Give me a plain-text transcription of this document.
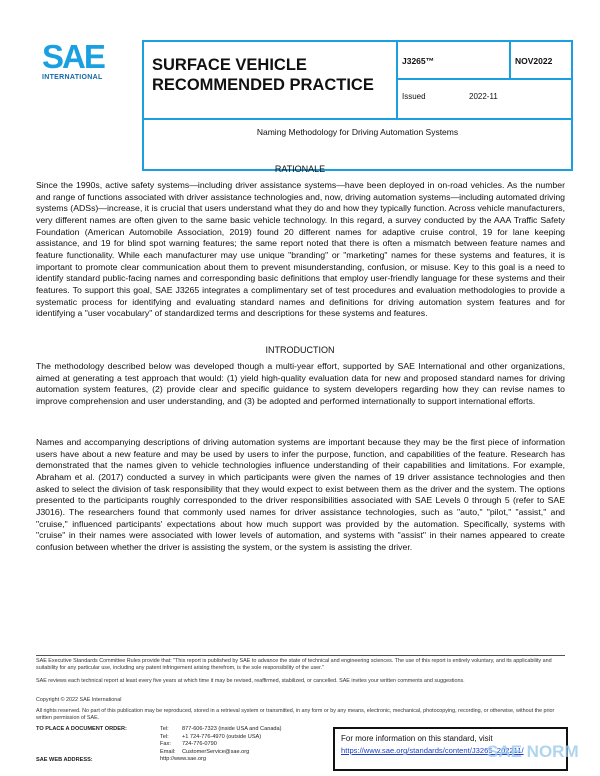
SAE
INTERNATIONAL
SURFACE VEHICLE
RECOMMENDED PRACTICE
J3265™	NOV2022
Issued	2022-11
Naming Methodology for Driving Automation Systems
RATIONALE
Since the 1990s, active safety systems—including driver assistance systems—have been deployed in on-road vehicles. As the number and range of functions associated with driver assistance technologies and, now, driving automation systems—including automated driving systems (ADSs)—increase, it is crucial that users understand what they do and how they typically function. Across vehicle manufacturers, very different names are often given to the same basic vehicle technology. In this regard, a survey conducted by the AAA Traffic Safety Foundation (American Automobile Association, 2019) found 20 different names for adaptive cruise control, 19 for lane keeping assistance, and 19 for blind spot warning features; the same report noted that there is often a mismatch between feature names and feature functionality. While each manufacturer may use unique "branding" or "marketing" names for these systems and features, it is important to promote clear communication about them to prevent misunderstanding, confusion, or misuse. Key to this goal is a need to identify standard public-facing names and corresponding basic definitions that employ user-friendly language for these systems and their features. To support this goal, SAE J3265 integrates a complimentary set of test procedures and evaluation methodologies to provide a systematic process for identifying and evaluating standard names and definitions for driving automation system features and for identifying a "user vocabulary" of standardized terms and descriptions for these systems and features.
INTRODUCTION
The methodology described below was developed though a multi-year effort, supported by SAE International and other organizations, aimed at generating a test approach that would: (1) yield high-quality evaluation data for new and proposed standard names for driving automation system features, (2) provide clear and specific guidance to system developers regarding how they can revise names to improve comprehension and user understanding, and (3) be adopted and performed internationally to support international efforts.
Names and accompanying descriptions of driving automation systems are important because they may be the first piece of information users have about a new feature and may be used by users to infer the purpose, function, and capabilities of the feature. Research has demonstrated that the names given to vehicle technologies influence understanding of their capabilities and limitations. For example, Abraham et al. (2017) conducted a survey in which participants were given the names of 19 driver assistance technologies and then asked to select the division of task responsibility that they would expect to exist between them as the driver and the system. The options presented to the participants roughly corresponded to the driver responsibilities associated with SAE Levels 0 through 5 (refer to SAE J3016). The researchers found that commonly used names for driver assistance technologies, such as "auto," "pilot," "assist," and "cruise," influenced participants' expectations about how much support was provided by the automation. Specifically, systems with "cruise" in their names were associated with lower levels of automation, and systems with "assist" in their names appeared to create confusion between whether the driver is assisting the system, or the system is assisting the driver.
SAE Executive Standards Committee Rules provide that: "This report is published by SAE to advance the state of technical and engineering sciences. The use of this report is entirely voluntary, and its applicability and suitability for any particular use, including any patent infringement arising therefrom, is the sole responsibility of the user."
SAE reviews each technical report at least every five years at which time it may be revised, reaffirmed, stabilized, or cancelled. SAE invites your written comments and suggestions.
Copyright © 2022 SAE International
All rights reserved. No part of this publication may be reproduced, stored in a retrieval system or transmitted, in any form or by any means, electronic, mechanical, photocopying, recording, or otherwise, without the prior written permission of SAE.
TO PLACE A DOCUMENT ORDER:
SAE WEB ADDRESS:
Tel: 877-606-7323 (inside USA and Canada)
Tel: +1 724-776-4970 (outside USA)
Fax: 724-776-0790
Email: CustomerService@sae.org
http://www.sae.org
For more information on this standard, visit
https://www.sae.org/standards/content/J3265_202211/
SAE NORM
